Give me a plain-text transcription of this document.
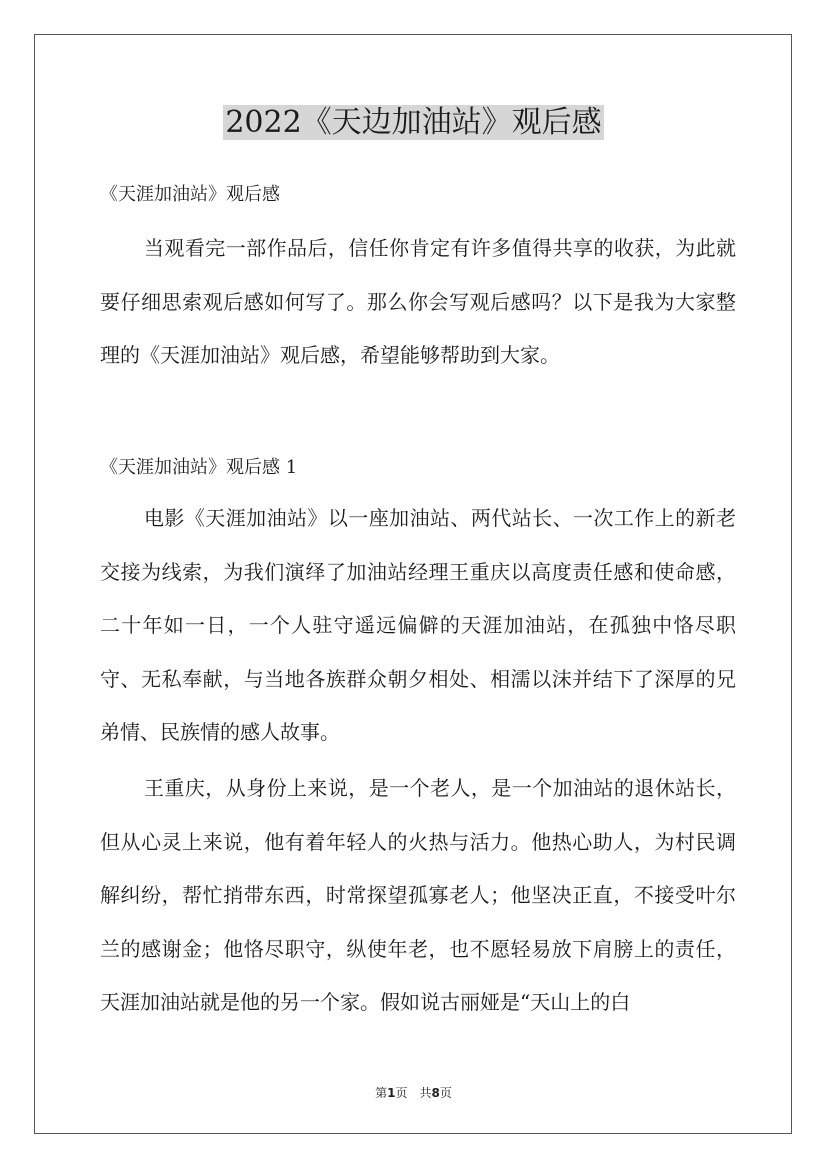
2022《天边加油站》观后感
《天涯加油站》观后感

当观看完一部作品后，信任你肯定有许多值得共享的收获，为此就要仔细思索观后感如何写了。那么你会写观后感吗？以下是我为大家整理的《天涯加油站》观后感，希望能够帮助到大家。

《天涯加油站》观后感 1

电影《天涯加油站》以一座加油站、两代站长、一次工作上的新老交接为线索，为我们演绎了加油站经理王重庆以高度责任感和使命感，二十年如一日，一个人驻守遥远偏僻的天涯加油站，在孤独中恪尽职守、无私奉献，与当地各族群众朝夕相处、相濡以沫并结下了深厚的兄弟情、民族情的感人故事。

王重庆，从身份上来说，是一个老人，是一个加油站的退休站长，但从心灵上来说，他有着年轻人的火热与活力。他热心助人，为村民调解纠纷，帮忙捎带东西，时常探望孤寡老人；他坚决正直，不接受叶尔兰的感谢金；他恪尽职守，纵使年老，也不愿轻易放下肩膀上的责任，天涯加油站就是他的另一个家。假如说古丽娅是“天山上的白

第1页　共8页
